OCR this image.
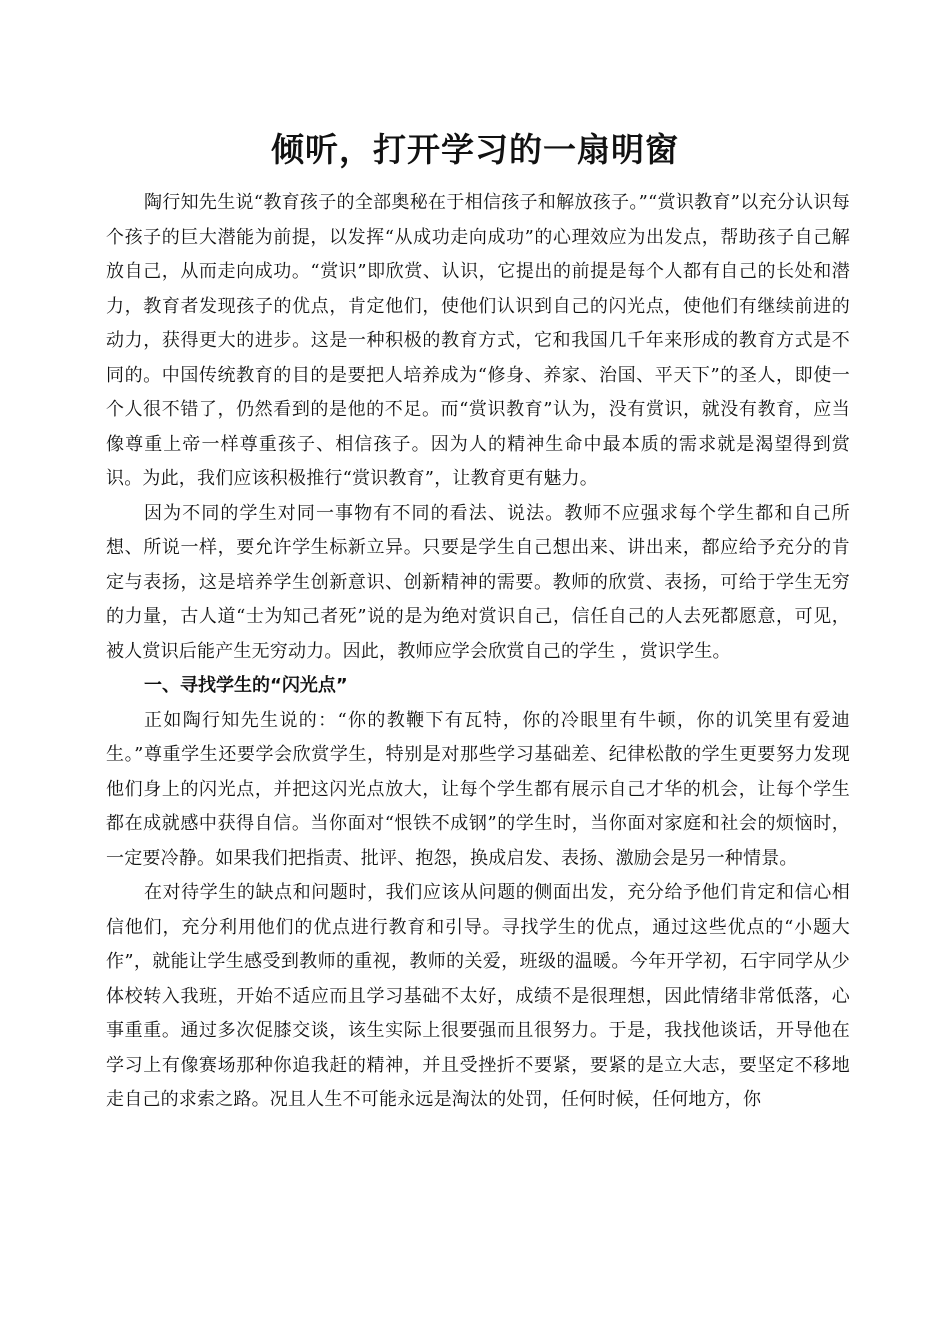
倾听，打开学习的一扇明窗

陶行知先生说“教育孩子的全部奥秘在于相信孩子和解放孩子。”“赏识教育”以充分认识每个孩子的巨大潜能为前提，以发挥“从成功走向成功”的心理效应为出发点，帮助孩子自己解放自己，从而走向成功。“赏识”即欣赏、认识，它提出的前提是每个人都有自己的长处和潜力，教育者发现孩子的优点，肯定他们，使他们认识到自己的闪光点，使他们有继续前进的动力，获得更大的进步。这是一种积极的教育方式，它和我国几千年来形成的教育方式是不同的。中国传统教育的目的是要把人培养成为“修身、养家、治国、平天下”的圣人，即使一个人很不错了，仍然看到的是他的不足。而“赏识教育”认为，没有赏识，就没有教育，应当像尊重上帝一样尊重孩子、相信孩子。因为人的精神生命中最本质的需求就是渴望得到赏识。为此，我们应该积极推行“赏识教育”，让教育更有魅力。

因为不同的学生对同一事物有不同的看法、说法。教师不应强求每个学生都和自己所想、所说一样，要允许学生标新立异。只要是学生自己想出来、讲出来，都应给予充分的肯定与表扬，这是培养学生创新意识、创新精神的需要。教师的欣赏、表扬，可给于学生无穷的力量，古人道“士为知己者死”说的是为绝对赏识自己，信任自己的人去死都愿意，可见，被人赏识后能产生无穷动力。因此，教师应学会欣赏自己的学生 ，赏识学生。

一、寻找学生的“闪光点”

正如陶行知先生说的：“你的教鞭下有瓦特，你的冷眼里有牛顿，你的讥笑里有爱迪生。”尊重学生还要学会欣赏学生，特别是对那些学习基础差、纪律松散的学生更要努力发现他们身上的闪光点，并把这闪光点放大，让每个学生都有展示自己才华的机会，让每个学生都在成就感中获得自信。当你面对“恨铁不成钢”的学生时，当你面对家庭和社会的烦恼时，一定要冷静。如果我们把指责、批评、抱怨，换成启发、表扬、激励会是另一种情景。

在对待学生的缺点和问题时，我们应该从问题的侧面出发，充分给予他们肯定和信心相信他们，充分利用他们的优点进行教育和引导。寻找学生的优点，通过这些优点的“小题大作”，就能让学生感受到教师的重视，教师的关爱，班级的温暖。今年开学初，石宇同学从少体校转入我班，开始不适应而且学习基础不太好，成绩不是很理想，因此情绪非常低落，心事重重。通过多次促膝交谈，该生实际上很要强而且很努力。于是，我找他谈话，开导他在学习上有像赛场那种你追我赶的精神，并且受挫折不要紧，要紧的是立大志，要坚定不移地走自己的求索之路。况且人生不可能永远是淘汰的处罚，任何时候，任何地方，你
